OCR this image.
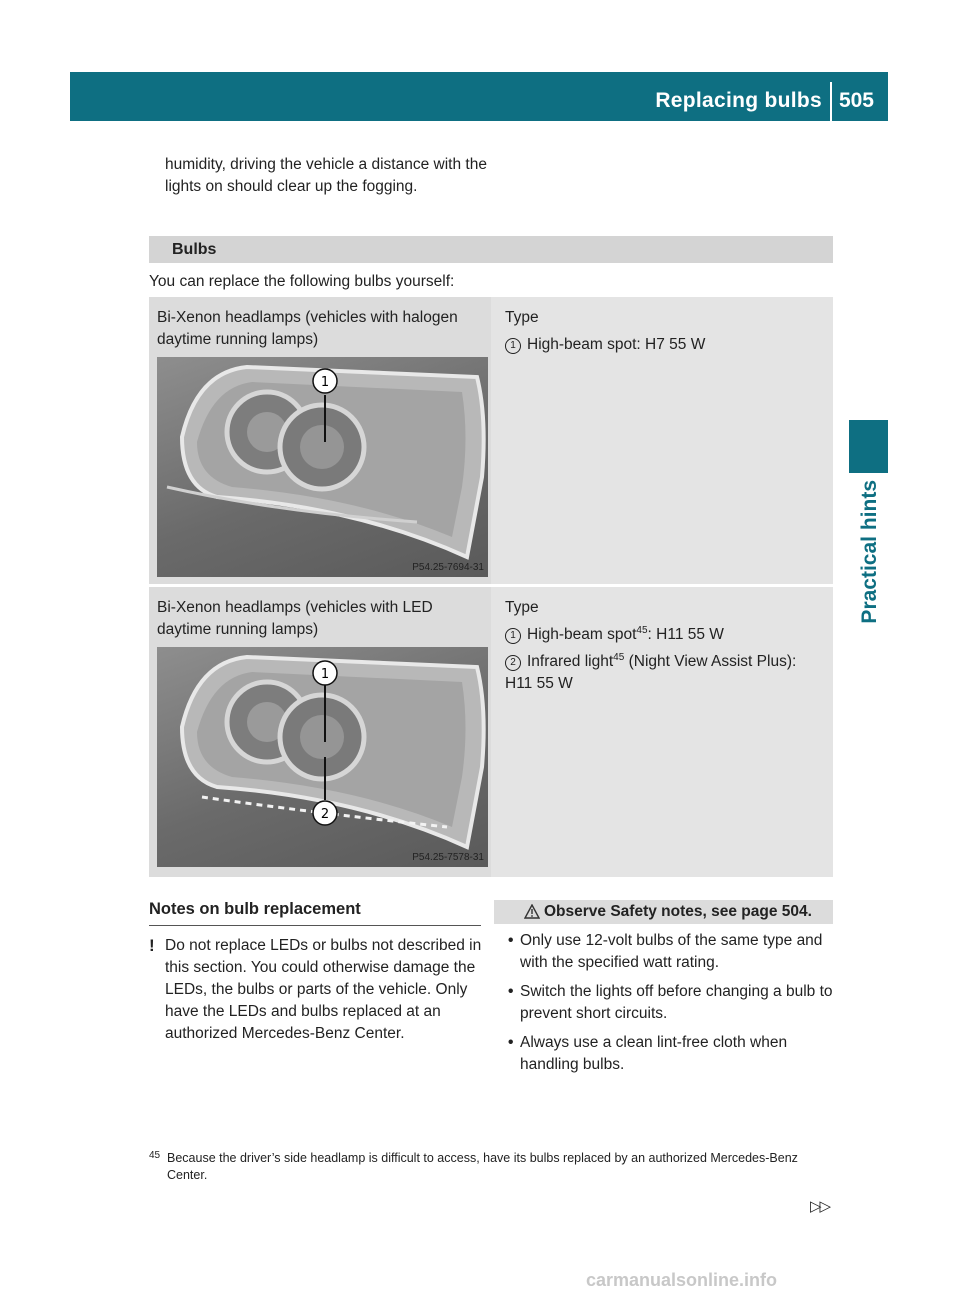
Replacing bulbs 505
Practical hints
humidity, driving the vehicle a distance with the lights on should clear up the fogging.
Bulbs
You can replace the following bulbs yourself:
Bi-Xenon headlamps (vehicles with halogen daytime running lamps)
1
P54.25-7694-31

Type

1 High-beam spot: H7 55 W

Bi-Xenon headlamps (vehicles with LED daytime running lamps)
1
2
P54.25-7578-31

Type

1 High-beam spot$^{45}$: H11 55 W

2 Infrared light$^{45}$ (Night View Assist Plus): H11 55 W

Notes on bulb replacement
! Do not replace LEDs or bulbs not described in this section. You could otherwise damage the LEDs, the bulbs or parts of the vehicle. Only have the LEDs and bulbs replaced at an authorized Mercedes-Benz Center.
Observe Safety notes, see page 504.
• Only use 12-volt bulbs of the same type and with the specified watt rating.
• Switch the lights off before changing a bulb to prevent short circuits.
• Always use a clean lint-free cloth when handling bulbs.
45 Because the driver’s side headlamp is difficult to access, have its bulbs replaced by an authorized Mercedes-Benz Center.
▷▷
carmanualsonline.info
